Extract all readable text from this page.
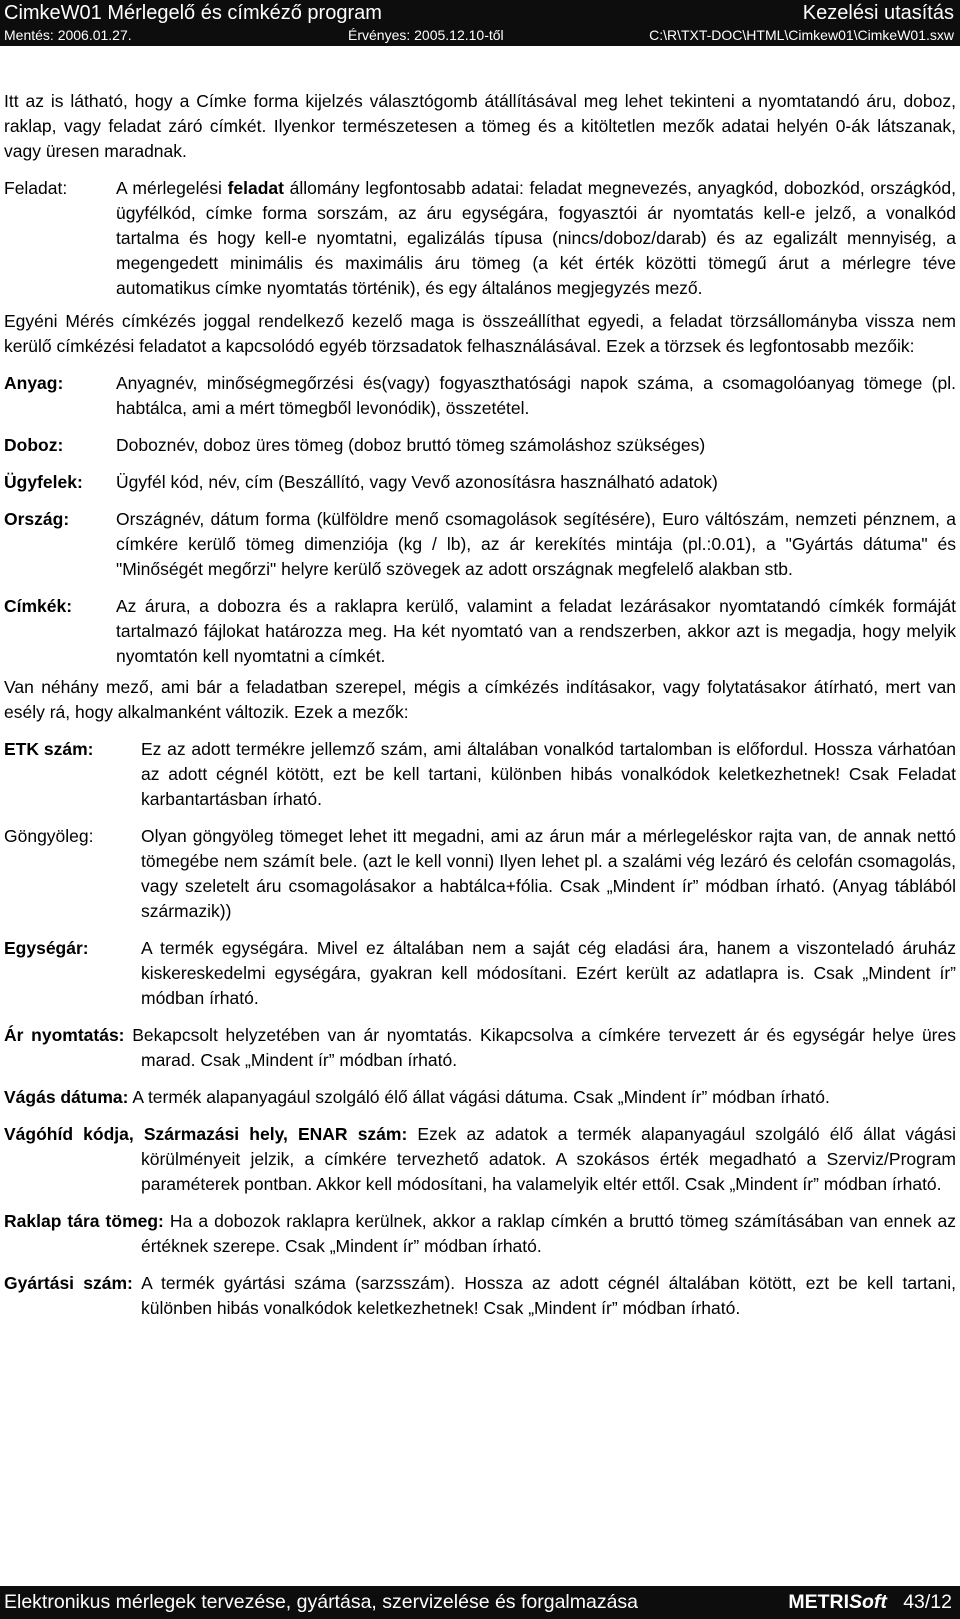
CimkeW01 Mérlegelő és címkéző program	Kezelési utasítás
Mentés: 2006.01.27.	Érvényes: 2005.12.10-től	C:\R\TXT-DOC\HTML\Cimkew01\CimkeW01.sxw

Itt az is látható, hogy a Címke forma kijelzés választógomb átállításával meg lehet tekinteni a nyomtatandó áru, doboz, raklap, vagy feladat záró címkét. Ilyenkor természetesen a tömeg és a kitöltetlen mezők adatai helyén 0-ák látszanak, vagy üresen maradnak.

Feladat:	A mérlegelési feladat állomány legfontosabb adatai: feladat megnevezés, anyagkód, dobozkód, országkód, ügyfélkód, címke forma sorszám, az áru egységára, fogyasztói ár nyomtatás kell-e jelző, a vonalkód tartalma és hogy kell-e nyomtatni, egalizálás típusa (nincs/doboz/darab) és az egalizált mennyiség, a megengedett minimális és maximális áru tömeg (a két érték közötti tömegű árut a mérlegre téve automatikus címke nyomtatás történik), és egy általános megjegyzés mező.

Egyéni Mérés címkézés joggal rendelkező kezelő maga is összeállíthat egyedi, a feladat törzsállományba vissza nem kerülő címkézési feladatot a kapcsolódó egyéb törzsadatok felhasználásával. Ezek a törzsek és legfontosabb mezőik:

Anyag:	Anyagnév, minőségmegőrzési és(vagy) fogyaszthatósági napok száma, a csomagolóanyag tömege (pl. habtálca, ami a mért tömegből levonódik), összetétel.
Doboz:	Doboznév, doboz üres tömeg (doboz bruttó tömeg számoláshoz szükséges)
Ügyfelek:	Ügyfél kód, név, cím (Beszállító, vagy Vevő azonosításra használható adatok)
Ország:	Országnév, dátum forma (külföldre menő csomagolások segítésére), Euro váltószám, nemzeti pénznem, a címkére kerülő tömeg dimenziója (kg / lb), az ár kerekítés mintája (pl.:0.01), a "Gyártás dátuma" és "Minőségét megőrzi" helyre kerülő szövegek az adott országnak megfelelő alakban stb.
Címkék:	Az árura, a dobozra és a raklapra kerülő, valamint a feladat lezárásakor nyomtatandó címkék formáját tartalmazó fájlokat határozza meg. Ha két nyomtató van a rendszerben, akkor azt is megadja, hogy melyik nyomtatón kell nyomtatni a címkét.

Van néhány mező, ami bár a feladatban szerepel, mégis a címkézés indításakor, vagy folytatásakor átírható, mert van esély rá, hogy alkalmanként változik. Ezek a mezők:

ETK szám:	Ez az adott termékre jellemző szám, ami általában vonalkód tartalomban is előfordul. Hossza várhatóan az adott cégnél kötött, ezt be kell tartani, különben hibás vonalkódok keletkezhetnek! Csak Feladat karbantartásban írható.
Göngyöleg:	Olyan göngyöleg tömeget lehet itt megadni, ami az árun már a mérlegeléskor rajta van, de annak nettó tömegébe nem számít bele. (azt le kell vonni) Ilyen lehet pl. a szalámi vég lezáró és celofán csomagolás, vagy szeletelt áru csomagolásakor a habtálca+fólia. Csak „Mindent ír” módban írható. (Anyag táblából származik))
Egységár:	A termék egységára. Mivel ez általában nem a saját cég eladási ára, hanem a viszonteladó áruház kiskereskedelmi egységára, gyakran kell módosítani. Ezért került az adatlapra is. Csak „Mindent ír” módban írható.
Ár nyomtatás: Bekapcsolt helyzetében van ár nyomtatás. Kikapcsolva a címkére tervezett ár és egységár helye üres marad. Csak „Mindent ír” módban írható.
Vágás dátuma: A termék alapanyagául szolgáló élő állat vágási dátuma. Csak „Mindent ír” módban írható.
Vágóhíd kódja, Származási hely, ENAR szám: Ezek az adatok a termék alapanyagául szolgáló élő állat vágási körülményeit jelzik, a címkére tervezhető adatok. A szokásos érték megadható a Szerviz/Program paraméterek pontban. Akkor kell módosítani, ha valamelyik eltér ettől. Csak „Mindent ír” módban írható.
Raklap tára tömeg: Ha a dobozok raklapra kerülnek, akkor a raklap címkén a bruttó tömeg számításában van ennek az értéknek szerepe. Csak „Mindent ír” módban írható.
Gyártási szám: A termék gyártási száma (sarzsszám). Hossza az adott cégnél általában kötött, ezt be kell tartani, különben hibás vonalkódok keletkezhetnek! Csak „Mindent ír” módban írható.
Elektronikus mérlegek tervezése, gyártása, szervizelése és forgalmazása	METRISoft 43/12
